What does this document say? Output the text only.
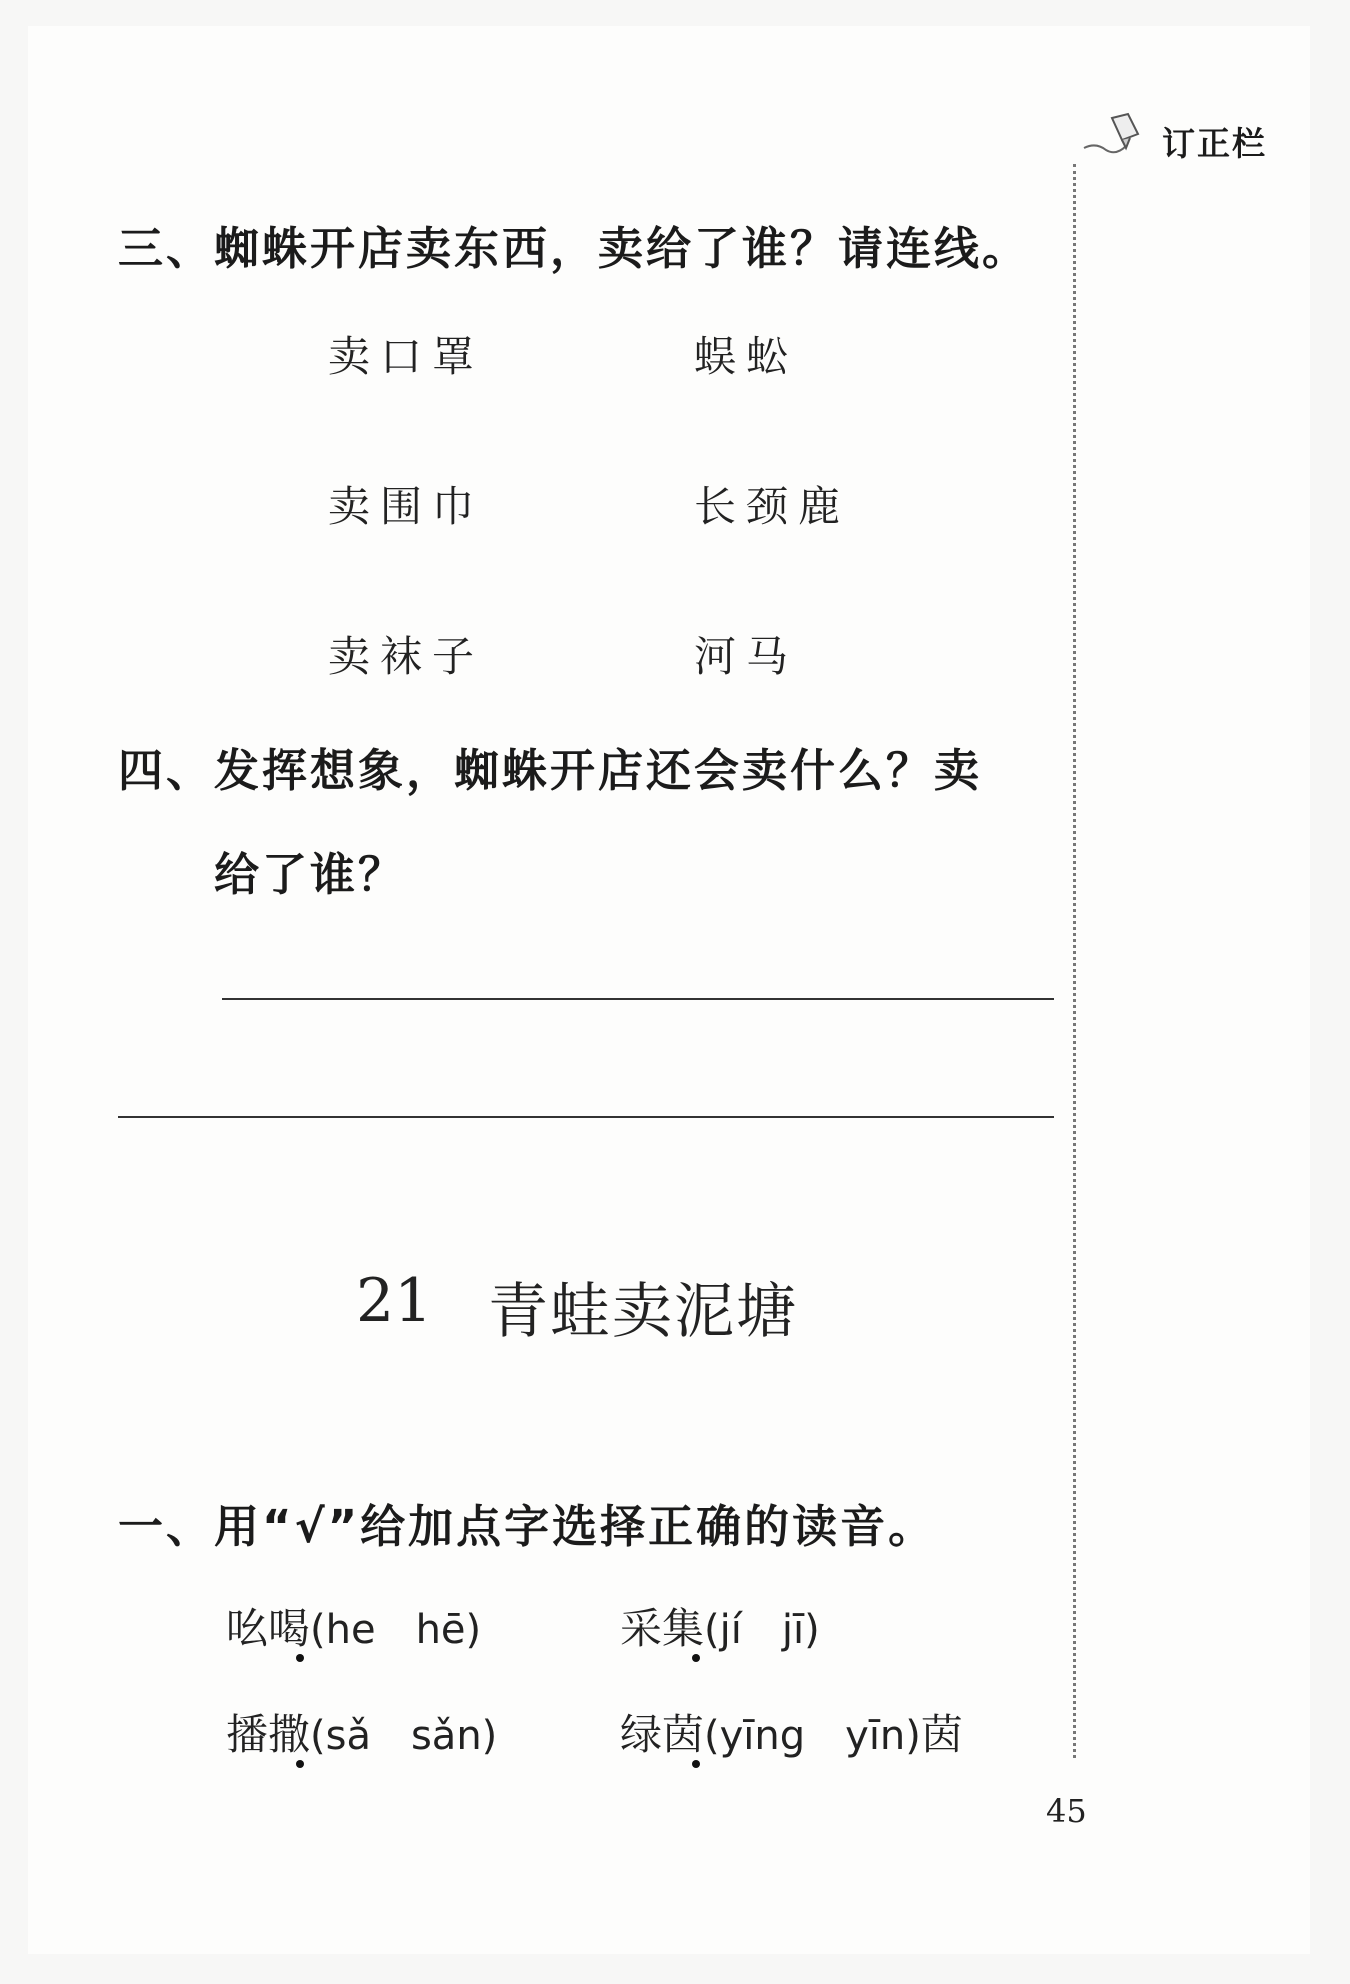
订正栏
三、蜘蛛开店卖东西，卖给了谁？请连线。
卖口罩
卖围巾
卖袜子
蜈蚣
长颈鹿
河马
四、发挥想象，蜘蛛开店还会卖什么？卖
给了谁？
21 青蛙卖泥塘
一、用“√”给加点字选择正确的读音。
吆喝(he　hē)	采集(jí　jī)
播撒(sǎ　sǎn)	绿茵(yīng　yīn)茵
45
